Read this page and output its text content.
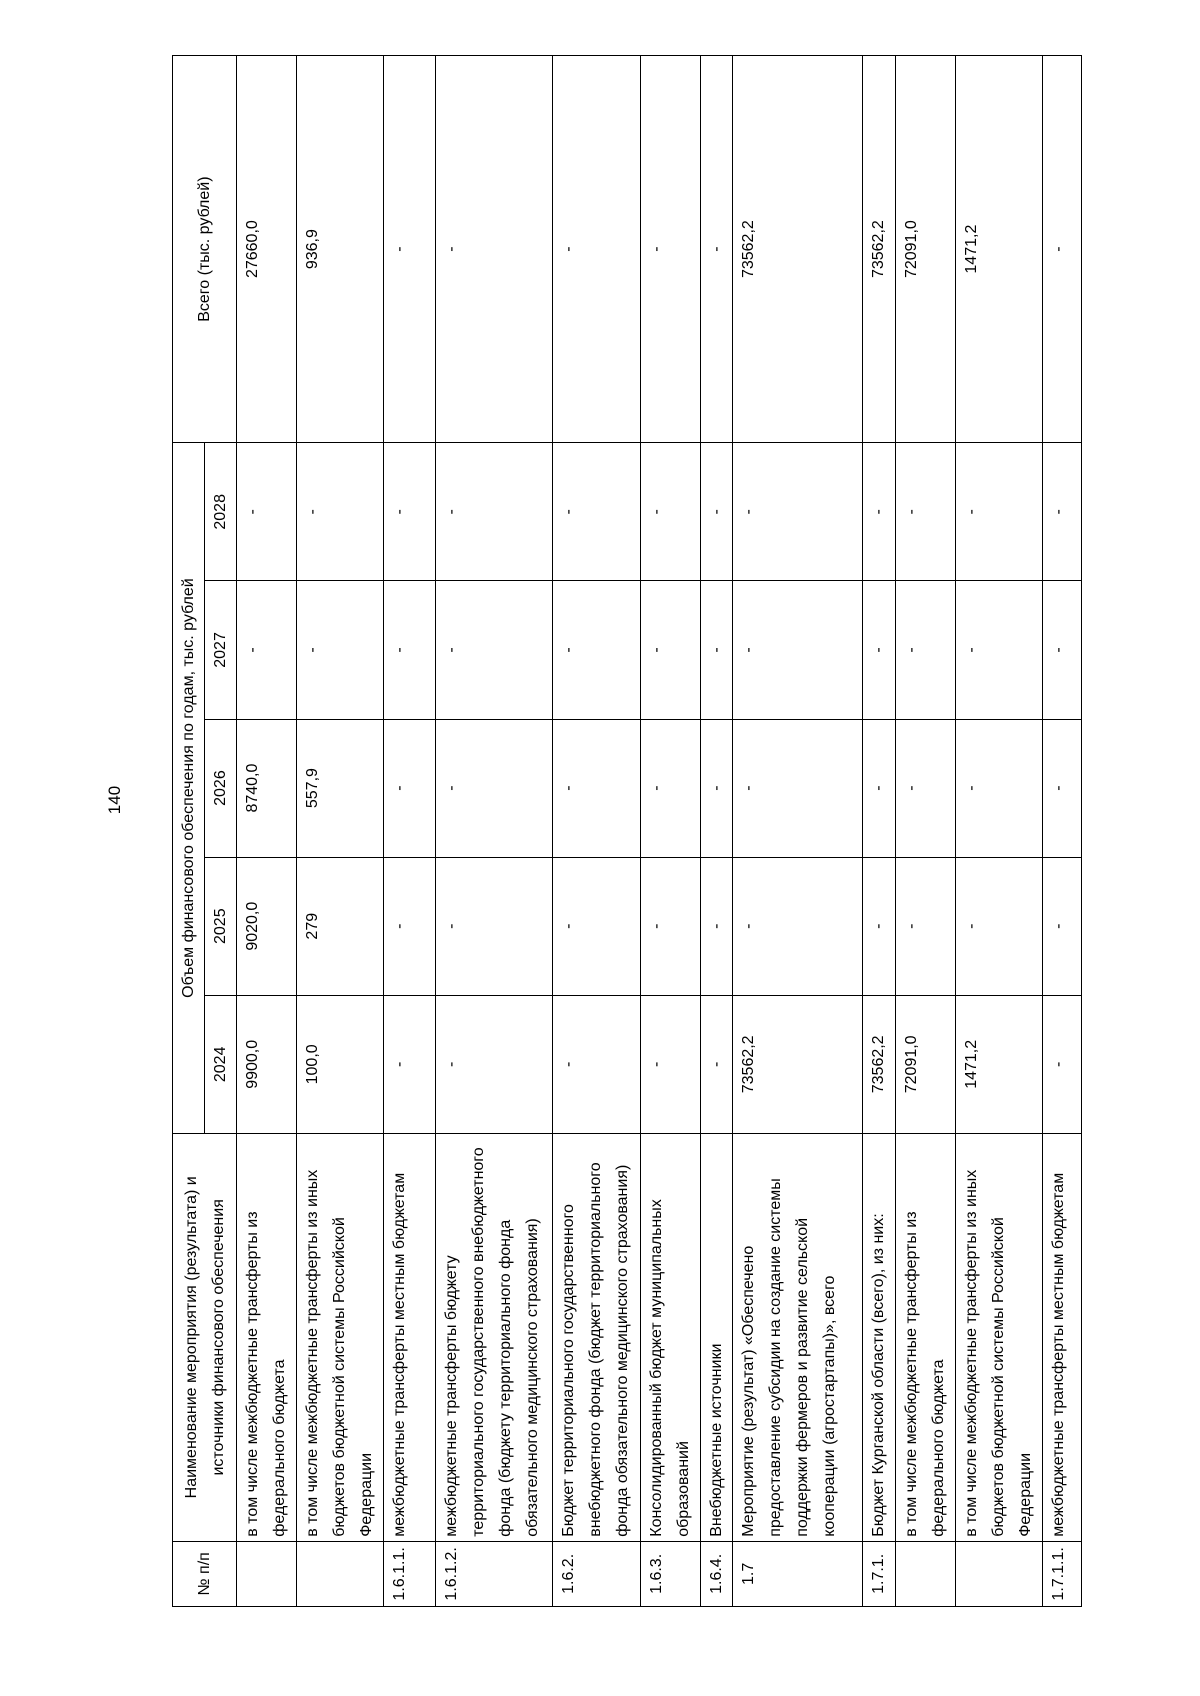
140
№ п/п	Наименование мероприятия (результата) и источники финансового обеспечения	Объем финансового обеспечения по годам, тыс. рублей					Всего (тыс. рублей)
		2024	2025	2026	2027	2028	
	в том числе межбюджетные трансферты из федерального бюджета	9900,0	9020,0	8740,0	-	-	27660,0
	в том числе межбюджетные трансферты из иных бюджетов бюджетной системы Российской Федерации	100,0	279	557,9	-	-	936,9
1.6.1.1.	межбюджетные трансферты местным бюджетам	-	-	-	-	-	-
1.6.1.2.	межбюджетные трансферты бюджету территориального государственного внебюджетного фонда (бюджету территориального фонда обязательного медицинского страхования)	-	-	-	-	-	-
1.6.2.	Бюджет территориального государственного внебюджетного фонда (бюджет территориального фонда обязательного медицинского страхования)	-	-	-	-	-	-
1.6.3.	Консолидированный бюджет муниципальных образований	-	-	-	-	-	-
1.6.4.	Внебюджетные источники	-	-	-	-	-	-
1.7	Мероприятие (результат) «Обеспечено предоставление субсидии на создание системы поддержки фермеров и развитие сельской кооперации (агростартапы)», всего	73562,2	-	-	-	-	73562,2
1.7.1.	Бюджет Курганской области (всего), из них:	73562,2	-	-	-	-	73562,2
	в том числе межбюджетные трансферты из федерального бюджета	72091,0	-	-	-	-	72091,0
	в том числе межбюджетные трансферты из иных бюджетов бюджетной системы Российской Федерации	1471,2	-	-	-	-	1471,2
1.7.1.1.	межбюджетные трансферты местным бюджетам	-	-	-	-	-	-
